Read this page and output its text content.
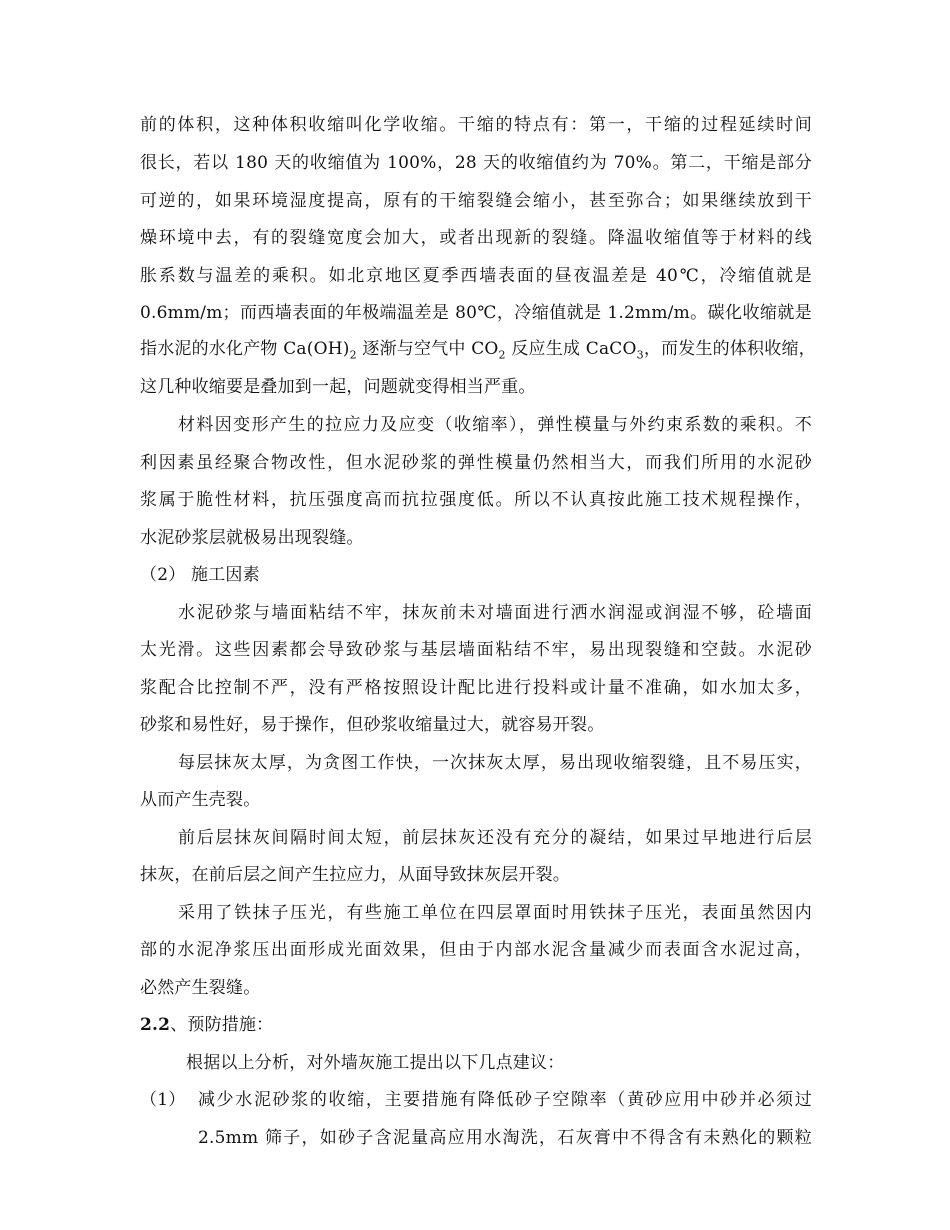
前的体积，这种体积收缩叫化学收缩。干缩的特点有：第一，干缩的过程延续时间
很长，若以 180 天的收缩值为 100%，28 天的收缩值约为 70%。第二，干缩是部分
可逆的，如果环境湿度提高，原有的干缩裂缝会缩小，甚至弥合；如果继续放到干
燥环境中去，有的裂缝宽度会加大，或者出现新的裂缝。降温收缩值等于材料的线
胀系数与温差的乘积。如北京地区夏季西墙表面的昼夜温差是 40℃，冷缩值就是
0.6mm/m；而西墙表面的年极端温差是 80℃，冷缩值就是 1.2mm/m。碳化收缩就是
指水泥的水化产物 $Ca(OH)_2$ 逐渐与空气中 $CO_2$ 反应生成 CaCO$_3$，而发生的体积收缩，
这几种收缩要是叠加到一起，问题就变得相当严重。
材料因变形产生的拉应力及应变（收缩率），弹性模量与外约束系数的乘积。不
利因素虽经聚合物改性，但水泥砂浆的弹性模量仍然相当大，而我们所用的水泥砂
浆属于脆性材料，抗压强度高而抗拉强度低。所以不认真按此施工技术规程操作，
水泥砂浆层就极易出现裂缝。
（2） 施工因素
水泥砂浆与墙面粘结不牢，抹灰前未对墙面进行洒水润湿或润湿不够，砼墙面
太光滑。这些因素都会导致砂浆与基层墙面粘结不牢，易出现裂缝和空鼓。水泥砂
浆配合比控制不严，没有严格按照设计配比进行投料或计量不准确，如水加太多，
砂浆和易性好，易于操作，但砂浆收缩量过大，就容易开裂。
每层抹灰太厚，为贪图工作快，一次抹灰太厚，易出现收缩裂缝，且不易压实，
从而产生壳裂。
前后层抹灰间隔时间太短，前层抹灰还没有充分的凝结，如果过早地进行后层
抹灰，在前后层之间产生拉应力，从面导致抹灰层开裂。
采用了铁抹子压光，有些施工单位在四层罩面时用铁抹子压光，表面虽然因内
部的水泥净浆压出面形成光面效果，但由于内部水泥含量减少而表面含水泥过高，
必然产生裂缝。
2.2、预防措施：
根据以上分析，对外墙灰施工提出以下几点建议：
（1） 减少水泥砂浆的收缩，主要措施有降低砂子空隙率（黄砂应用中砂并必须过
2.5mm 筛子，如砂子含泥量高应用水淘洗，石灰膏中不得含有未熟化的颗粒
